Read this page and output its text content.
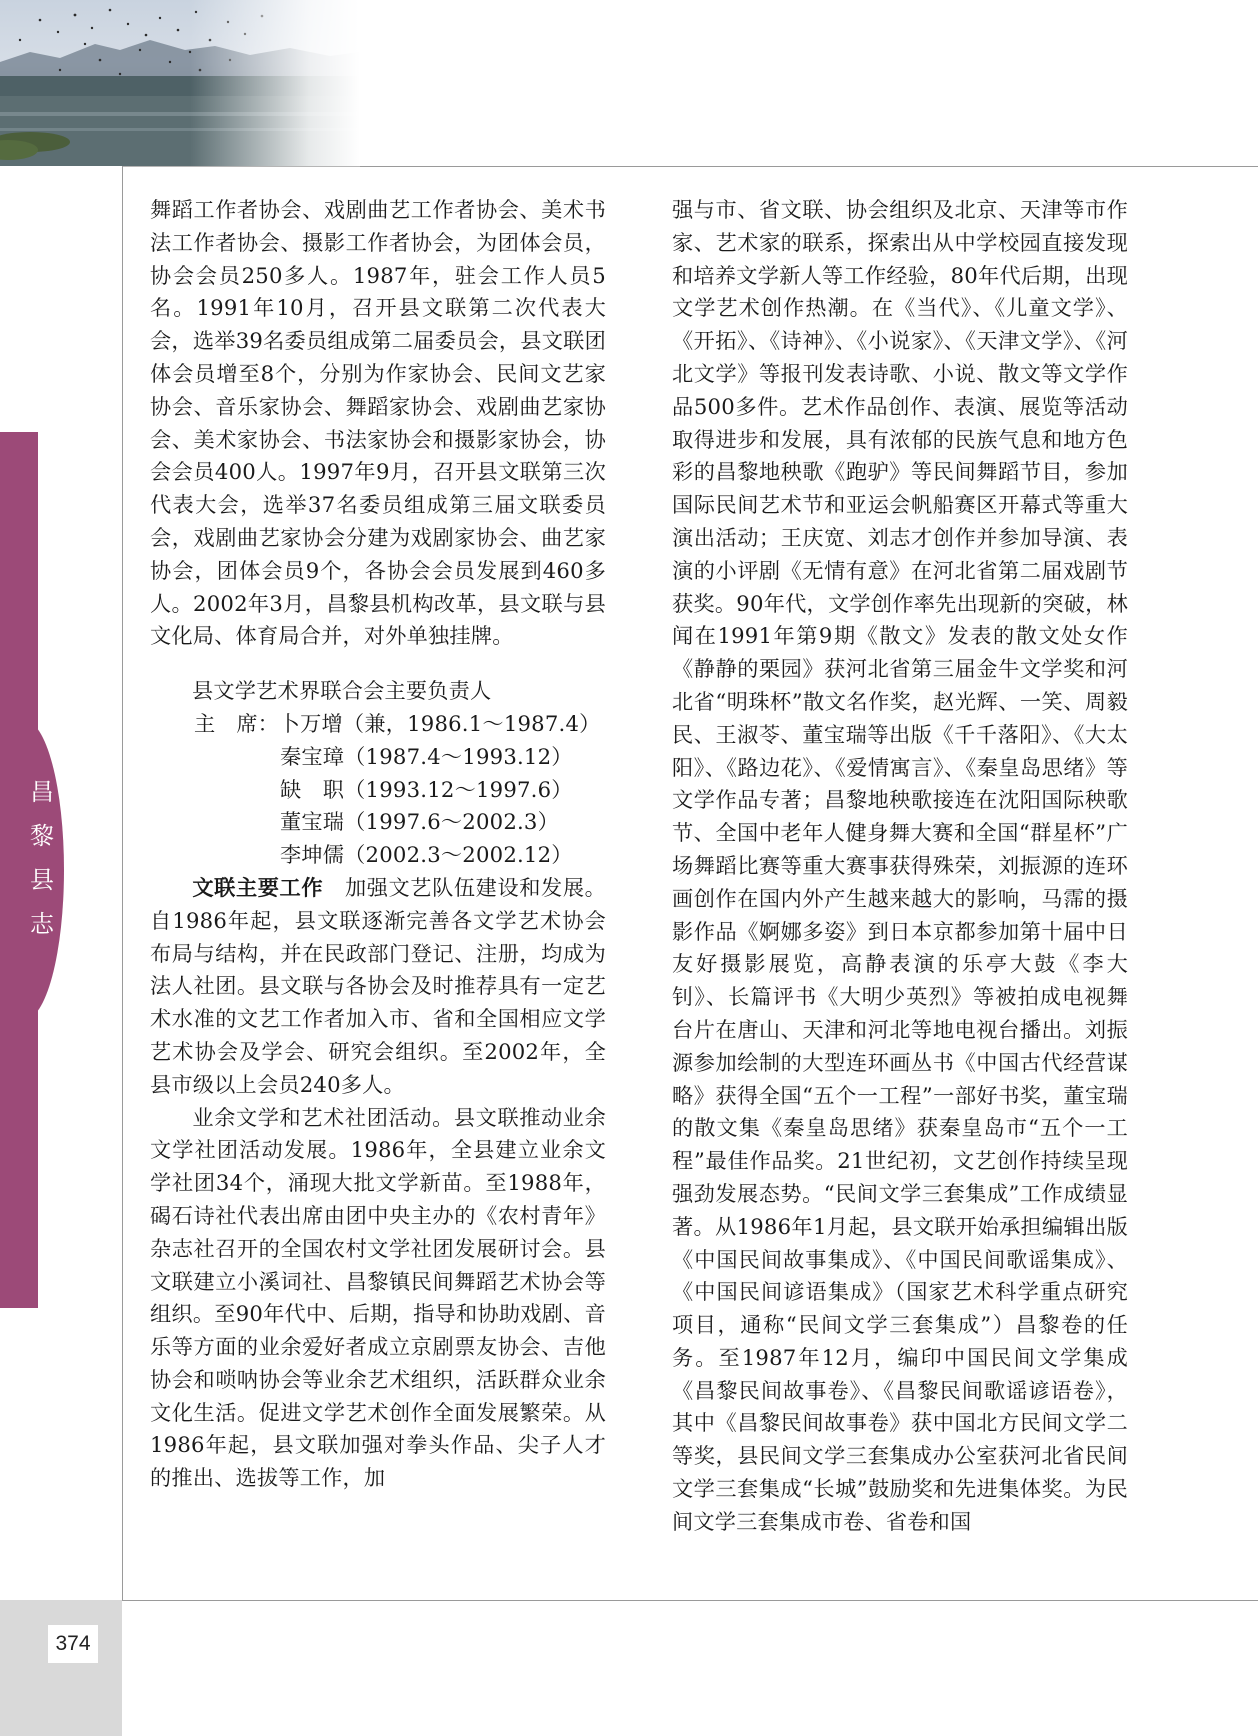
昌
黎
县
志
374

舞蹈工作者协会、戏剧曲艺工作者协会、美术书法工作者协会、摄影工作者协会，为团体会员，协会会员250多人。1987年，驻会工作人员5名。1991年10月，召开县文联第二次代表大会，选举39名委员组成第二届委员会，县文联团体会员增至8个，分别为作家协会、民间文艺家协会、音乐家协会、舞蹈家协会、戏剧曲艺家协会、美术家协会、书法家协会和摄影家协会，协会会员400人。1997年9月，召开县文联第三次代表大会，选举37名委员组成第三届文联委员会，戏剧曲艺家协会分建为戏剧家协会、曲艺家协会，团体会员9个，各协会会员发展到460多人。2002年3月，昌黎县机构改革，县文联与县文化局、体育局合并，对外单独挂牌。

县文学艺术界联合会主要负责人
主　席： 卜万增（兼，1986.1～1987.4）
秦宝璋（1987.4～1993.12）
缺　职（1993.12～1997.6）
董宝瑞（1997.6～2002.3）
李坤儒（2002.3～2002.12）

文联主要工作　 加强文艺队伍建设和发展。自1986年起，县文联逐渐完善各文学艺术协会布局与结构，并在民政部门登记、注册，均成为法人社团。县文联与各协会及时推荐具有一定艺术水准的文艺工作者加入市、省和全国相应文学艺术协会及学会、研究会组织。至2002年，全县市级以上会员240多人。

业余文学和艺术社团活动。县文联推动业余文学社团活动发展。1986年，全县建立业余文学社团34个，涌现大批文学新苗。至1988年，碣石诗社代表出席由团中央主办的《农村青年》杂志社召开的全国农村文学社团发展研讨会。县文联建立小溪词社、昌黎镇民间舞蹈艺术协会等组织。至90年代中、后期，指导和协助戏剧、音乐等方面的业余爱好者成立京剧票友协会、吉他协会和唢呐协会等业余艺术组织，活跃群众业余文化生活。促进文学艺术创作全面发展繁荣。从1986年起，县文联加强对拳头作品、尖子人才的推出、选拔等工作，加

强与市、省文联、协会组织及北京、天津等市作家、艺术家的联系，探索出从中学校园直接发现和培养文学新人等工作经验，80年代后期，出现文学艺术创作热潮。在《当代》、《儿童文学》、《开拓》、《诗神》、《小说家》、《天津文学》、《河北文学》等报刊发表诗歌、小说、散文等文学作品500多件。艺术作品创作、表演、展览等活动取得进步和发展，具有浓郁的民族气息和地方色彩的昌黎地秧歌《跑驴》等民间舞蹈节目，参加国际民间艺术节和亚运会帆船赛区开幕式等重大演出活动；王庆宽、刘志才创作并参加导演、表演的小评剧《无情有意》在河北省第二届戏剧节获奖。90年代，文学创作率先出现新的突破，林闻在1991年第9期《散文》发表的散文处女作《静静的栗园》获河北省第三届金牛文学奖和河北省“明珠杯”散文名作奖，赵光辉、一笑、周毅民、王淑苓、董宝瑞等出版《千千落阳》、《大太阳》、《路边花》、《爱情寓言》、《秦皇岛思绪》等文学作品专著；昌黎地秧歌接连在沈阳国际秧歌节、全国中老年人健身舞大赛和全国“群星杯”广场舞蹈比赛等重大赛事获得殊荣，刘振源的连环画创作在国内外产生越来越大的影响，马霈的摄影作品《婀娜多姿》到日本京都参加第十届中日友好摄影展览，高静表演的乐亭大鼓《李大钊》、长篇评书《大明少英烈》等被拍成电视舞台片在唐山、天津和河北等地电视台播出。刘振源参加绘制的大型连环画丛书《中国古代经营谋略》获得全国“五个一工程”一部好书奖，董宝瑞的散文集《秦皇岛思绪》获秦皇岛市“五个一工程”最佳作品奖。21世纪初，文艺创作持续呈现强劲发展态势。“民间文学三套集成”工作成绩显著。从1986年1月起，县文联开始承担编辑出版《中国民间故事集成》、《中国民间歌谣集成》、《中国民间谚语集成》（国家艺术科学重点研究项目，通称“民间文学三套集成”）昌黎卷的任务。至1987年12月，编印中国民间文学集成《昌黎民间故事卷》、《昌黎民间歌谣谚语卷》，其中《昌黎民间故事卷》获中国北方民间文学二等奖，县民间文学三套集成办公室获河北省民间文学三套集成“长城”鼓励奖和先进集体奖。为民间文学三套集成市卷、省卷和国
